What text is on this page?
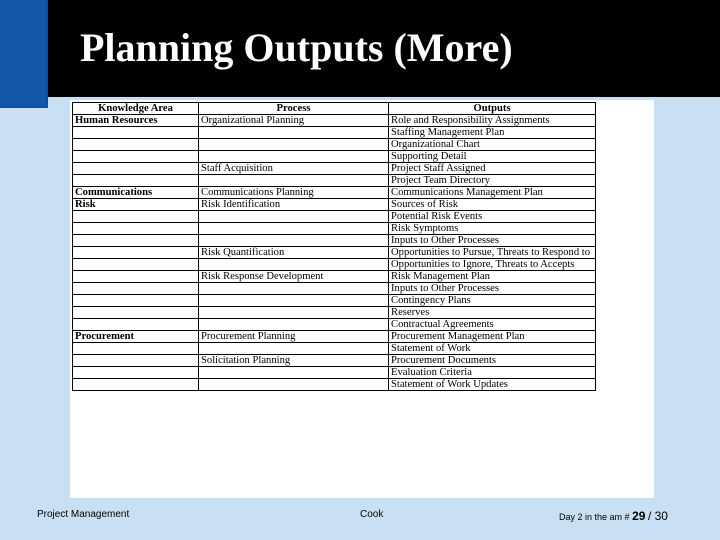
Planning Outputs (More)
Knowledge Area	Process	Outputs
Human Resources	Organizational Planning	Role and Responsibility Assignments
		Staffing Management Plan
		Organizational Chart
		Supporting Detail
	Staff Acquisition	Project Staff Assigned
		Project Team Directory
Communications	Communications Planning	Communications Management Plan
Risk	Risk Identification	Sources of Risk
		Potential Risk Events
		Risk Symptoms
		Inputs to Other Processes
	Risk Quantification	Opportunities to Pursue, Threats to Respond to
		Opportunities to Ignore, Threats to Accepts
	Risk Response Development	Risk Management Plan
		Inputs to Other Processes
		Contingency Plans
		Reserves
		Contractual Agreements
Procurement	Procurement Planning	Procurement Management Plan
		Statement of Work
	Solicitation Planning	Procurement Documents
		Evaluation Criteria
		Statement of Work Updates
Project Management	Cook	Day 2 in the am # 29 / 30
